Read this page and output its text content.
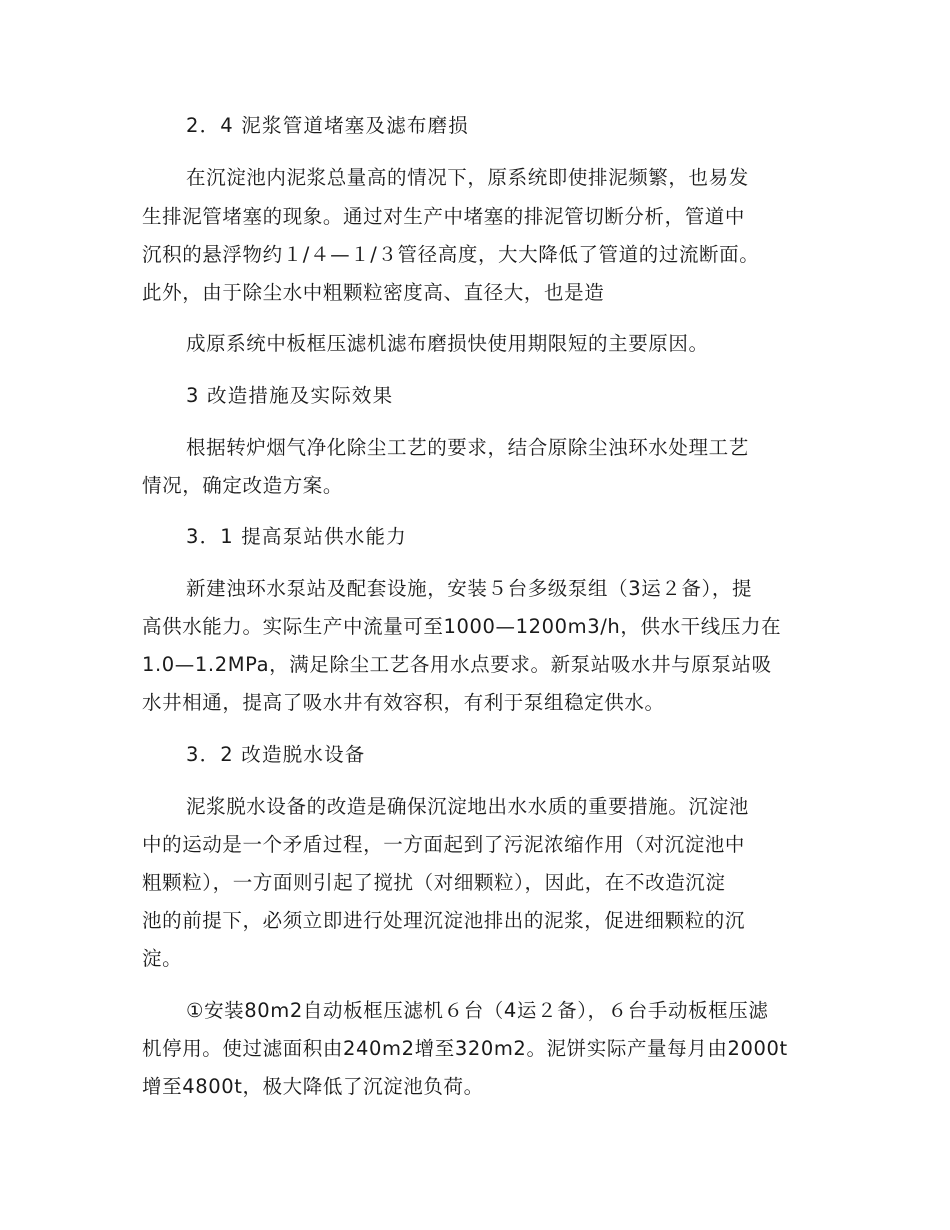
2．4 泥浆管道堵塞及滤布磨损
在沉淀池内泥浆总量高的情况下，原系统即使排泥频繁，也易发
生排泥管堵塞的现象。通过对生产中堵塞的排泥管切断分析，管道中
沉积的悬浮物约１/４—１/３管径高度，大大降低了管道的过流断面。
此外，由于除尘水中粗颗粒密度高、直径大，也是造
成原系统中板框压滤机滤布磨损快使用期限短的主要原因。
3 改造措施及实际效果
根据转炉烟气净化除尘工艺的要求，结合原除尘浊环水处理工艺
情况，确定改造方案。
3．1 提高泵站供水能力
新建浊环水泵站及配套设施，安装５台多级泵组（3运２备），提
高供水能力。实际生产中流量可至1000—1200m3/h，供水干线压力在
1.0—1.2MPa，满足除尘工艺各用水点要求。新泵站吸水井与原泵站吸
水井相通，提高了吸水井有效容积，有利于泵组稳定供水。
3．2 改造脱水设备
泥浆脱水设备的改造是确保沉淀地出水水质的重要措施。沉淀池
中的运动是一个矛盾过程，一方面起到了污泥浓缩作用（对沉淀池中
粗颗粒），一方面则引起了搅扰（对细颗粒），因此，在不改造沉淀
池的前提下，必须立即进行处理沉淀池排出的泥浆，促进细颗粒的沉
淀。
①安装80m2自动板框压滤机６台（4运２备），６台手动板框压滤
机停用。使过滤面积由240m2增至320m2。泥饼实际产量每月由2000t
增至4800t，极大降低了沉淀池负荷。
